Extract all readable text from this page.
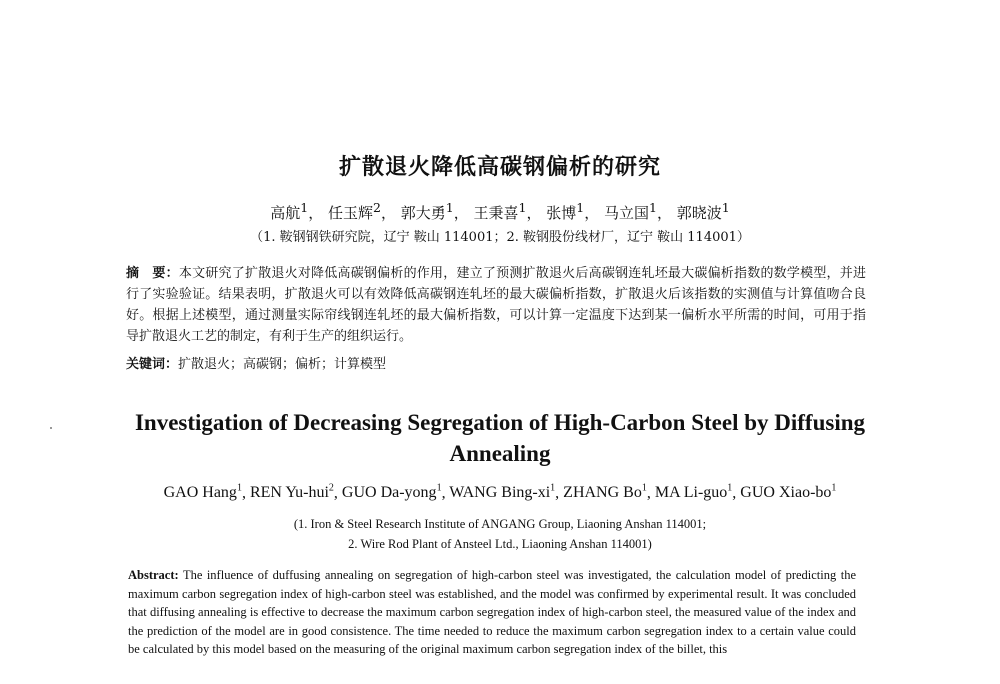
扩散退火降低高碳钢偏析的研究
高航$^1$， 任玉辉$^2$， 郭大勇$^1$， 王秉喜$^1$， 张博$^1$， 马立国$^1$， 郭晓波$^1$
（1. 鞍钢钢铁研究院，辽宁 鞍山 114001；2. 鞍钢股份线材厂，辽宁 鞍山 114001）
摘　要：本文研究了扩散退火对降低高碳钢偏析的作用，建立了预测扩散退火后高碳钢连轧坯最大碳偏析指数的数学模型，并进行了实验验证。结果表明，扩散退火可以有效降低高碳钢连轧坯的最大碳偏析指数，扩散退火后该指数的实测值与计算值吻合良好。根据上述模型，通过测量实际帘线钢连轧坯的最大偏析指数，可以计算一定温度下达到某一偏析水平所需的时间，可用于指导扩散退火工艺的制定，有利于生产的组织运行。
关键词：扩散退火；高碳钢；偏析；计算模型
Investigation of Decreasing Segregation of High-Carbon Steel by Diffusing Annealing
GAO Hang$^1$, REN Yu-hui$^2$, GUO Da-yong$^1$, WANG Bing-$xi^1$, ZHANG Bo$^1$, MA Li-guo$^1$, GUO Xiao-$bo^1$
(1. Iron & Steel Research Institute of ANGANG Group, Liaoning Anshan 114001;
2. Wire Rod Plant of Ansteel Ltd., Liaoning Anshan 114001)
Abstract: The influence of duffusing annealing on segregation of high-carbon steel was investigated, the calculation model of predicting the maximum carbon segregation index of high-carbon steel was established, and the model was confirmed by experimental result. It was concluded that diffusing annealing is effective to decrease the maximum carbon segregation index of high-carbon steel, the measured value of the index and the prediction of the model are in good consistence. The time needed to reduce the maximum carbon segregation index to a certain value could be calculated by this model based on the measuring of the original maximum carbon segregation index of the billet, this
